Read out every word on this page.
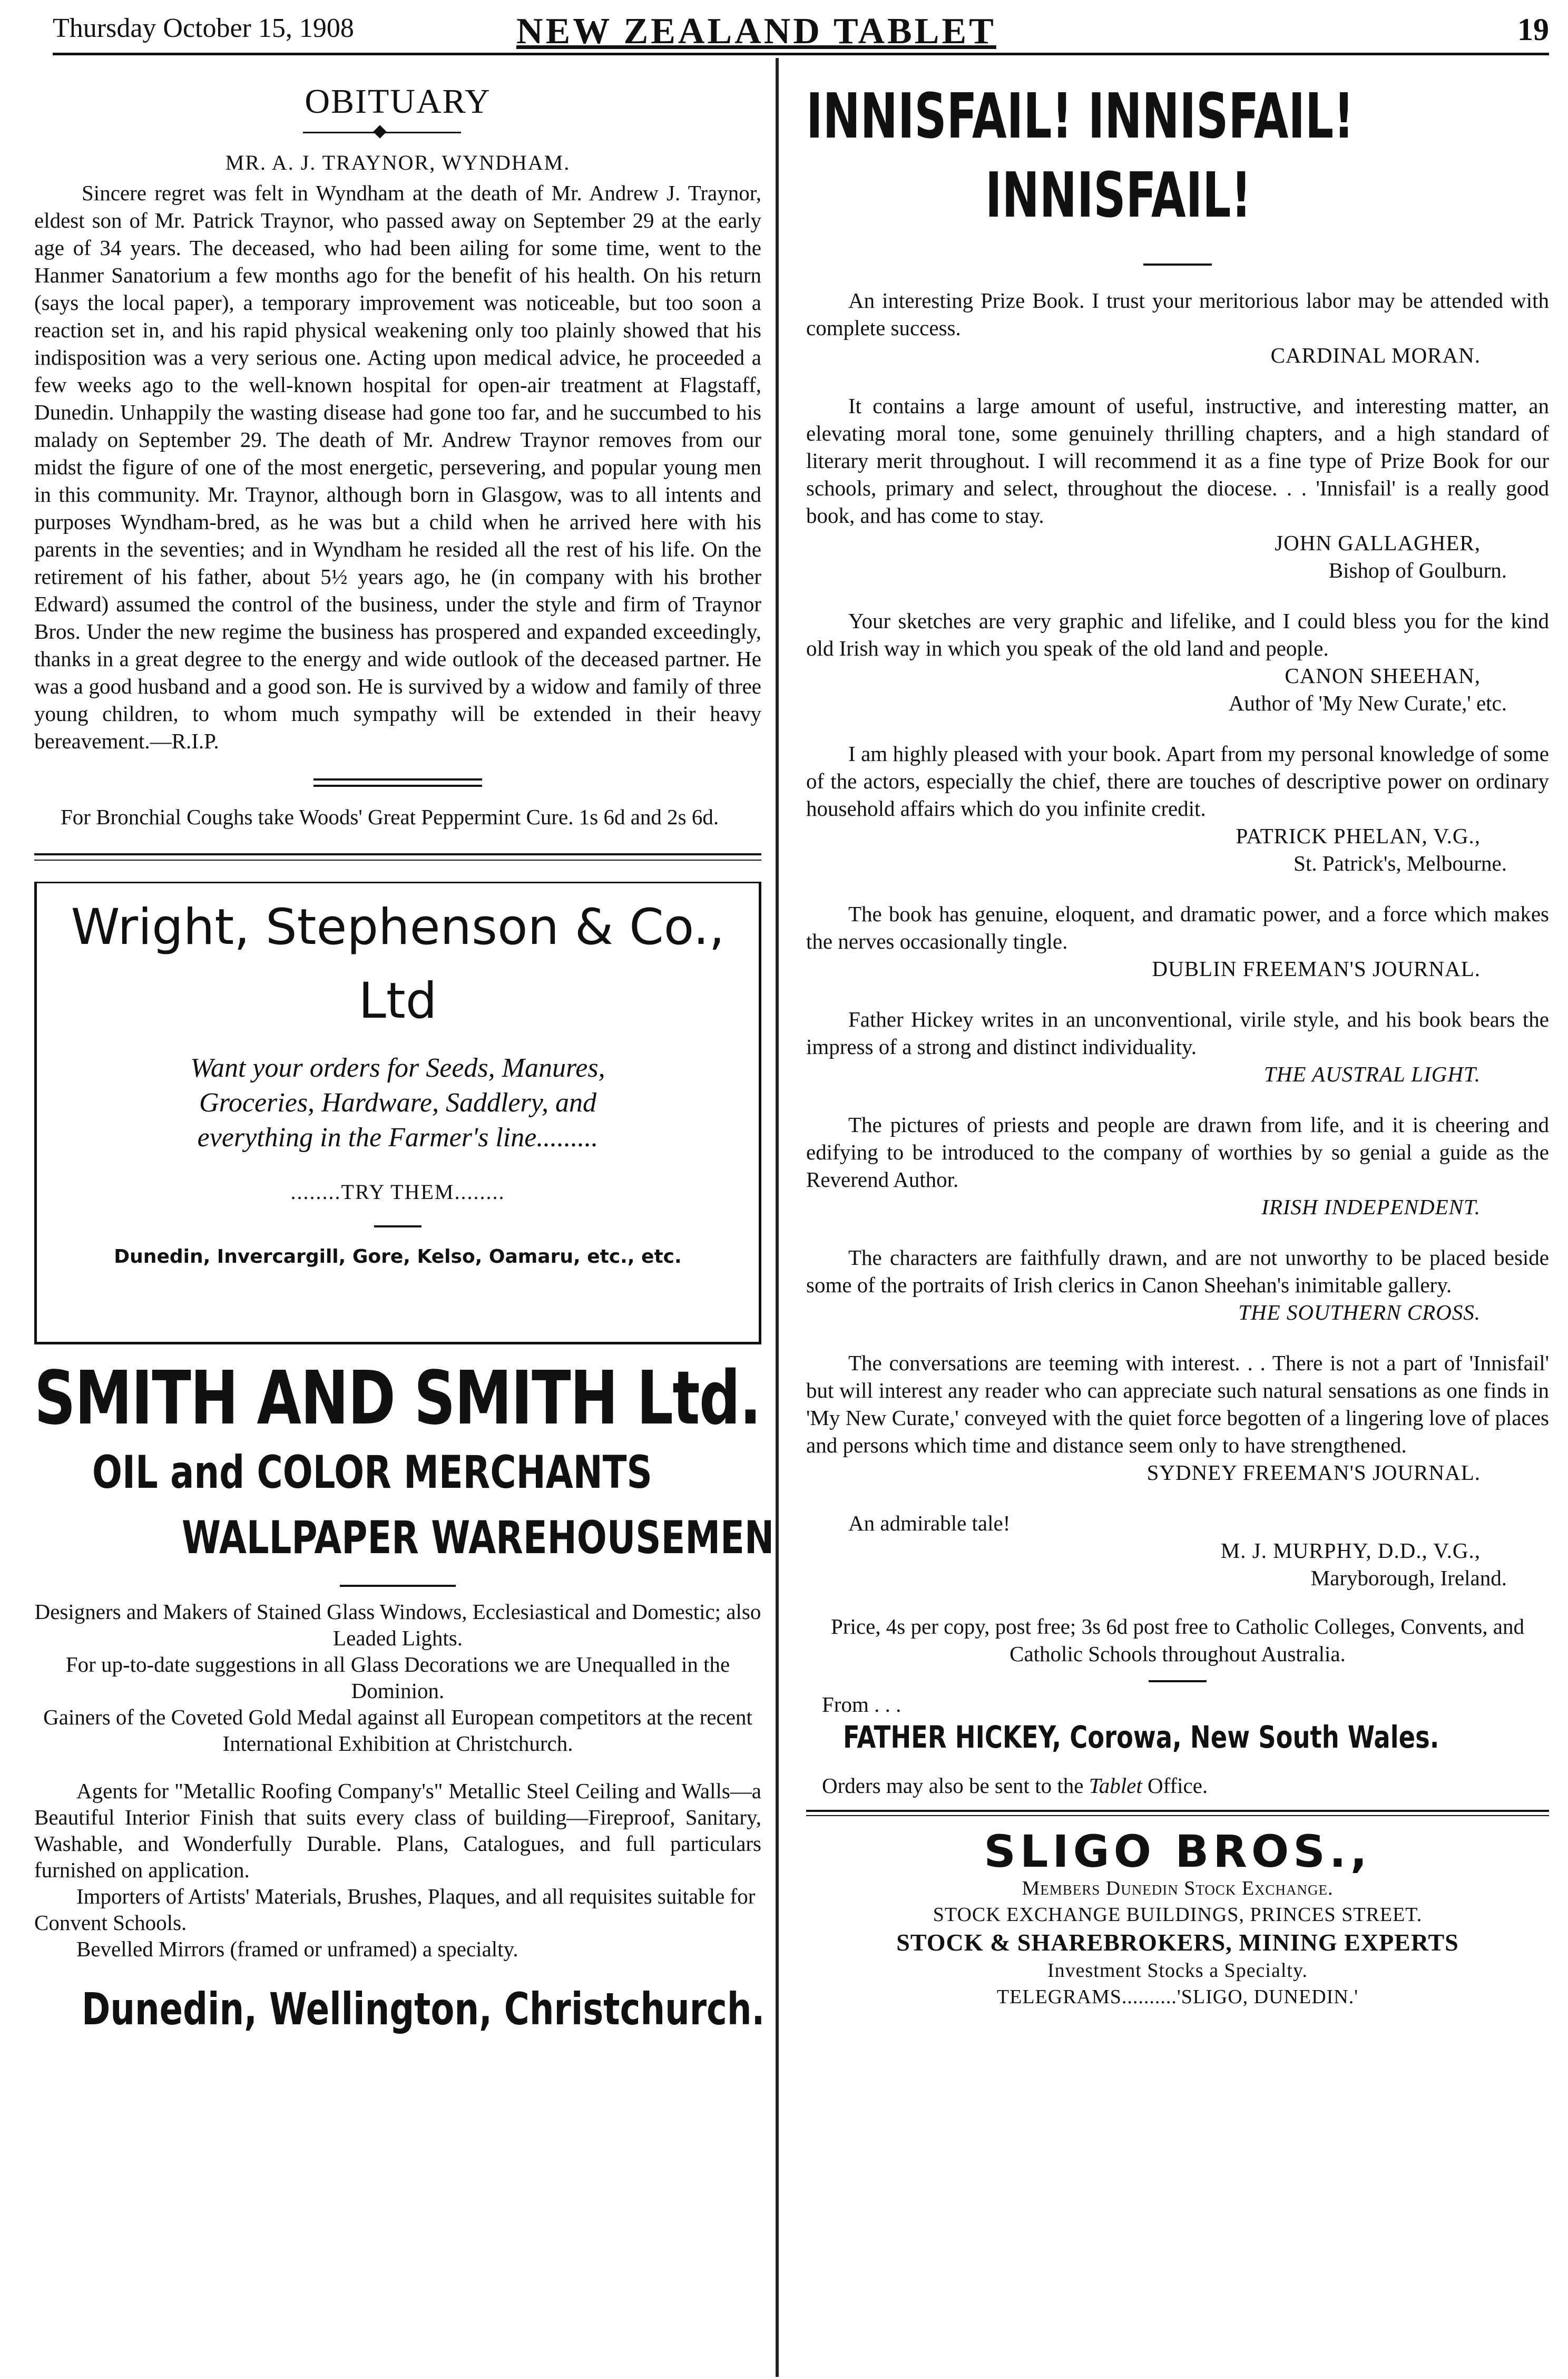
Thursday October 15, 1908	NEW ZEALAND TABLET	19
OBITUARY
MR. A. J. TRAYNOR, WYNDHAM.

Sincere regret was felt in Wyndham at the death of Mr. Andrew J. Traynor, eldest son of Mr. Patrick Traynor, who passed away on September 29 at the early age of 34 years. The deceased, who had been ailing for some time, went to the Hanmer Sanatorium a few months ago for the benefit of his health. On his return (says the local paper), a temporary improvement was noticeable, but too soon a reaction set in, and his rapid physical weakening only too plainly showed that his indisposition was a very serious one. Acting upon medical advice, he proceeded a few weeks ago to the well-known hospital for open-air treatment at Flagstaff, Dunedin. Unhappily the wasting disease had gone too far, and he succumbed to his malady on September 29. The death of Mr. Andrew Traynor removes from our midst the figure of one of the most energetic, persevering, and popular young men in this community. Mr. Traynor, although born in Glasgow, was to all intents and purposes Wyndham-bred, as he was but a child when he arrived here with his parents in the seventies; and in Wyndham he resided all the rest of his life. On the retirement of his father, about 5½ years ago, he (in company with his brother Edward) assumed the control of the business, under the style and firm of Traynor Bros. Under the new regime the business has prospered and expanded exceedingly, thanks in a great degree to the energy and wide outlook of the deceased partner. He was a good husband and a good son. He is survived by a widow and family of three young children, to whom much sympathy will be extended in their heavy bereavement.—R.I.P.

For Bronchial Coughs take Woods' Great Peppermint Cure. 1s 6d and 2s 6d.

Wright, Stephenson & Co.,
Ltd
Want your orders for Seeds, Manures,
Groceries, Hardware, Saddlery, and
everything in the Farmer's line.........
........TRY THEM........
Dunedin, Invercargill, Gore, Kelso, Oamaru, etc., etc.
SMITH AND SMITH Ltd.
OIL and COLOR MERCHANTS
WALLPAPER WAREHOUSEMEN

Designers and Makers of Stained Glass Windows, Ecclesiastical and Domestic; also Leaded Lights.

For up-to-date suggestions in all Glass Decorations we are Unequalled in the Dominion.

Gainers of the Coveted Gold Medal against all European competitors at the recent International Exhibition at Christchurch.

Agents for "Metallic Roofing Company's" Metallic Steel Ceiling and Walls—a Beautiful Interior Finish that suits every class of building—Fireproof, Sanitary, Washable, and Wonderfully Durable. Plans, Catalogues, and full particulars furnished on application.

Importers of Artists' Materials, Brushes, Plaques, and all requisites suitable for Convent Schools.

Bevelled Mirrors (framed or unframed) a specialty.

Dunedin, Wellington, Christchurch.
INNISFAIL! INNISFAIL!
INNISFAIL!

An interesting Prize Book. I trust your meritorious labor may be attended with complete success.

CARDINAL MORAN.

It contains a large amount of useful, instructive, and interesting matter, an elevating moral tone, some genuinely thrilling chapters, and a high standard of literary merit throughout. I will recommend it as a fine type of Prize Book for our schools, primary and select, throughout the diocese. . . 'Innisfail' is a really good book, and has come to stay.

JOHN GALLAGHER,

Bishop of Goulburn.

Your sketches are very graphic and lifelike, and I could bless you for the kind old Irish way in which you speak of the old land and people.

CANON SHEEHAN,

Author of 'My New Curate,' etc.

I am highly pleased with your book. Apart from my personal knowledge of some of the actors, especially the chief, there are touches of descriptive power on ordinary household affairs which do you infinite credit.

PATRICK PHELAN, V.G.,

St. Patrick's, Melbourne.

The book has genuine, eloquent, and dramatic power, and a force which makes the nerves occasionally tingle.

DUBLIN FREEMAN'S JOURNAL.

Father Hickey writes in an unconventional, virile style, and his book bears the impress of a strong and distinct individuality.

THE AUSTRAL LIGHT.

The pictures of priests and people are drawn from life, and it is cheering and edifying to be introduced to the company of worthies by so genial a guide as the Reverend Author.

IRISH INDEPENDENT.

The characters are faithfully drawn, and are not unworthy to be placed beside some of the portraits of Irish clerics in Canon Sheehan's inimitable gallery.

THE SOUTHERN CROSS.

The conversations are teeming with interest. . . There is not a part of 'Innisfail' but will interest any reader who can appreciate such natural sensations as one finds in 'My New Curate,' conveyed with the quiet force begotten of a lingering love of places and persons which time and distance seem only to have strengthened.

SYDNEY FREEMAN'S JOURNAL.

An admirable tale!

M. J. MURPHY, D.D., V.G.,

Maryborough, Ireland.

Price, 4s per copy, post free; 3s 6d post free to Catholic Colleges, Convents, and Catholic Schools throughout Australia.

From . . .

FATHER HICKEY, Corowa, New South Wales.

Orders may also be sent to the Tablet Office.

SLIGO BROS.,
Members Dunedin Stock Exchange.
STOCK EXCHANGE BUILDINGS, PRINCES STREET.
STOCK & SHAREBROKERS, MINING EXPERTS
Investment Stocks a Specialty.
TELEGRAMS..........'SLIGO, DUNEDIN.'
